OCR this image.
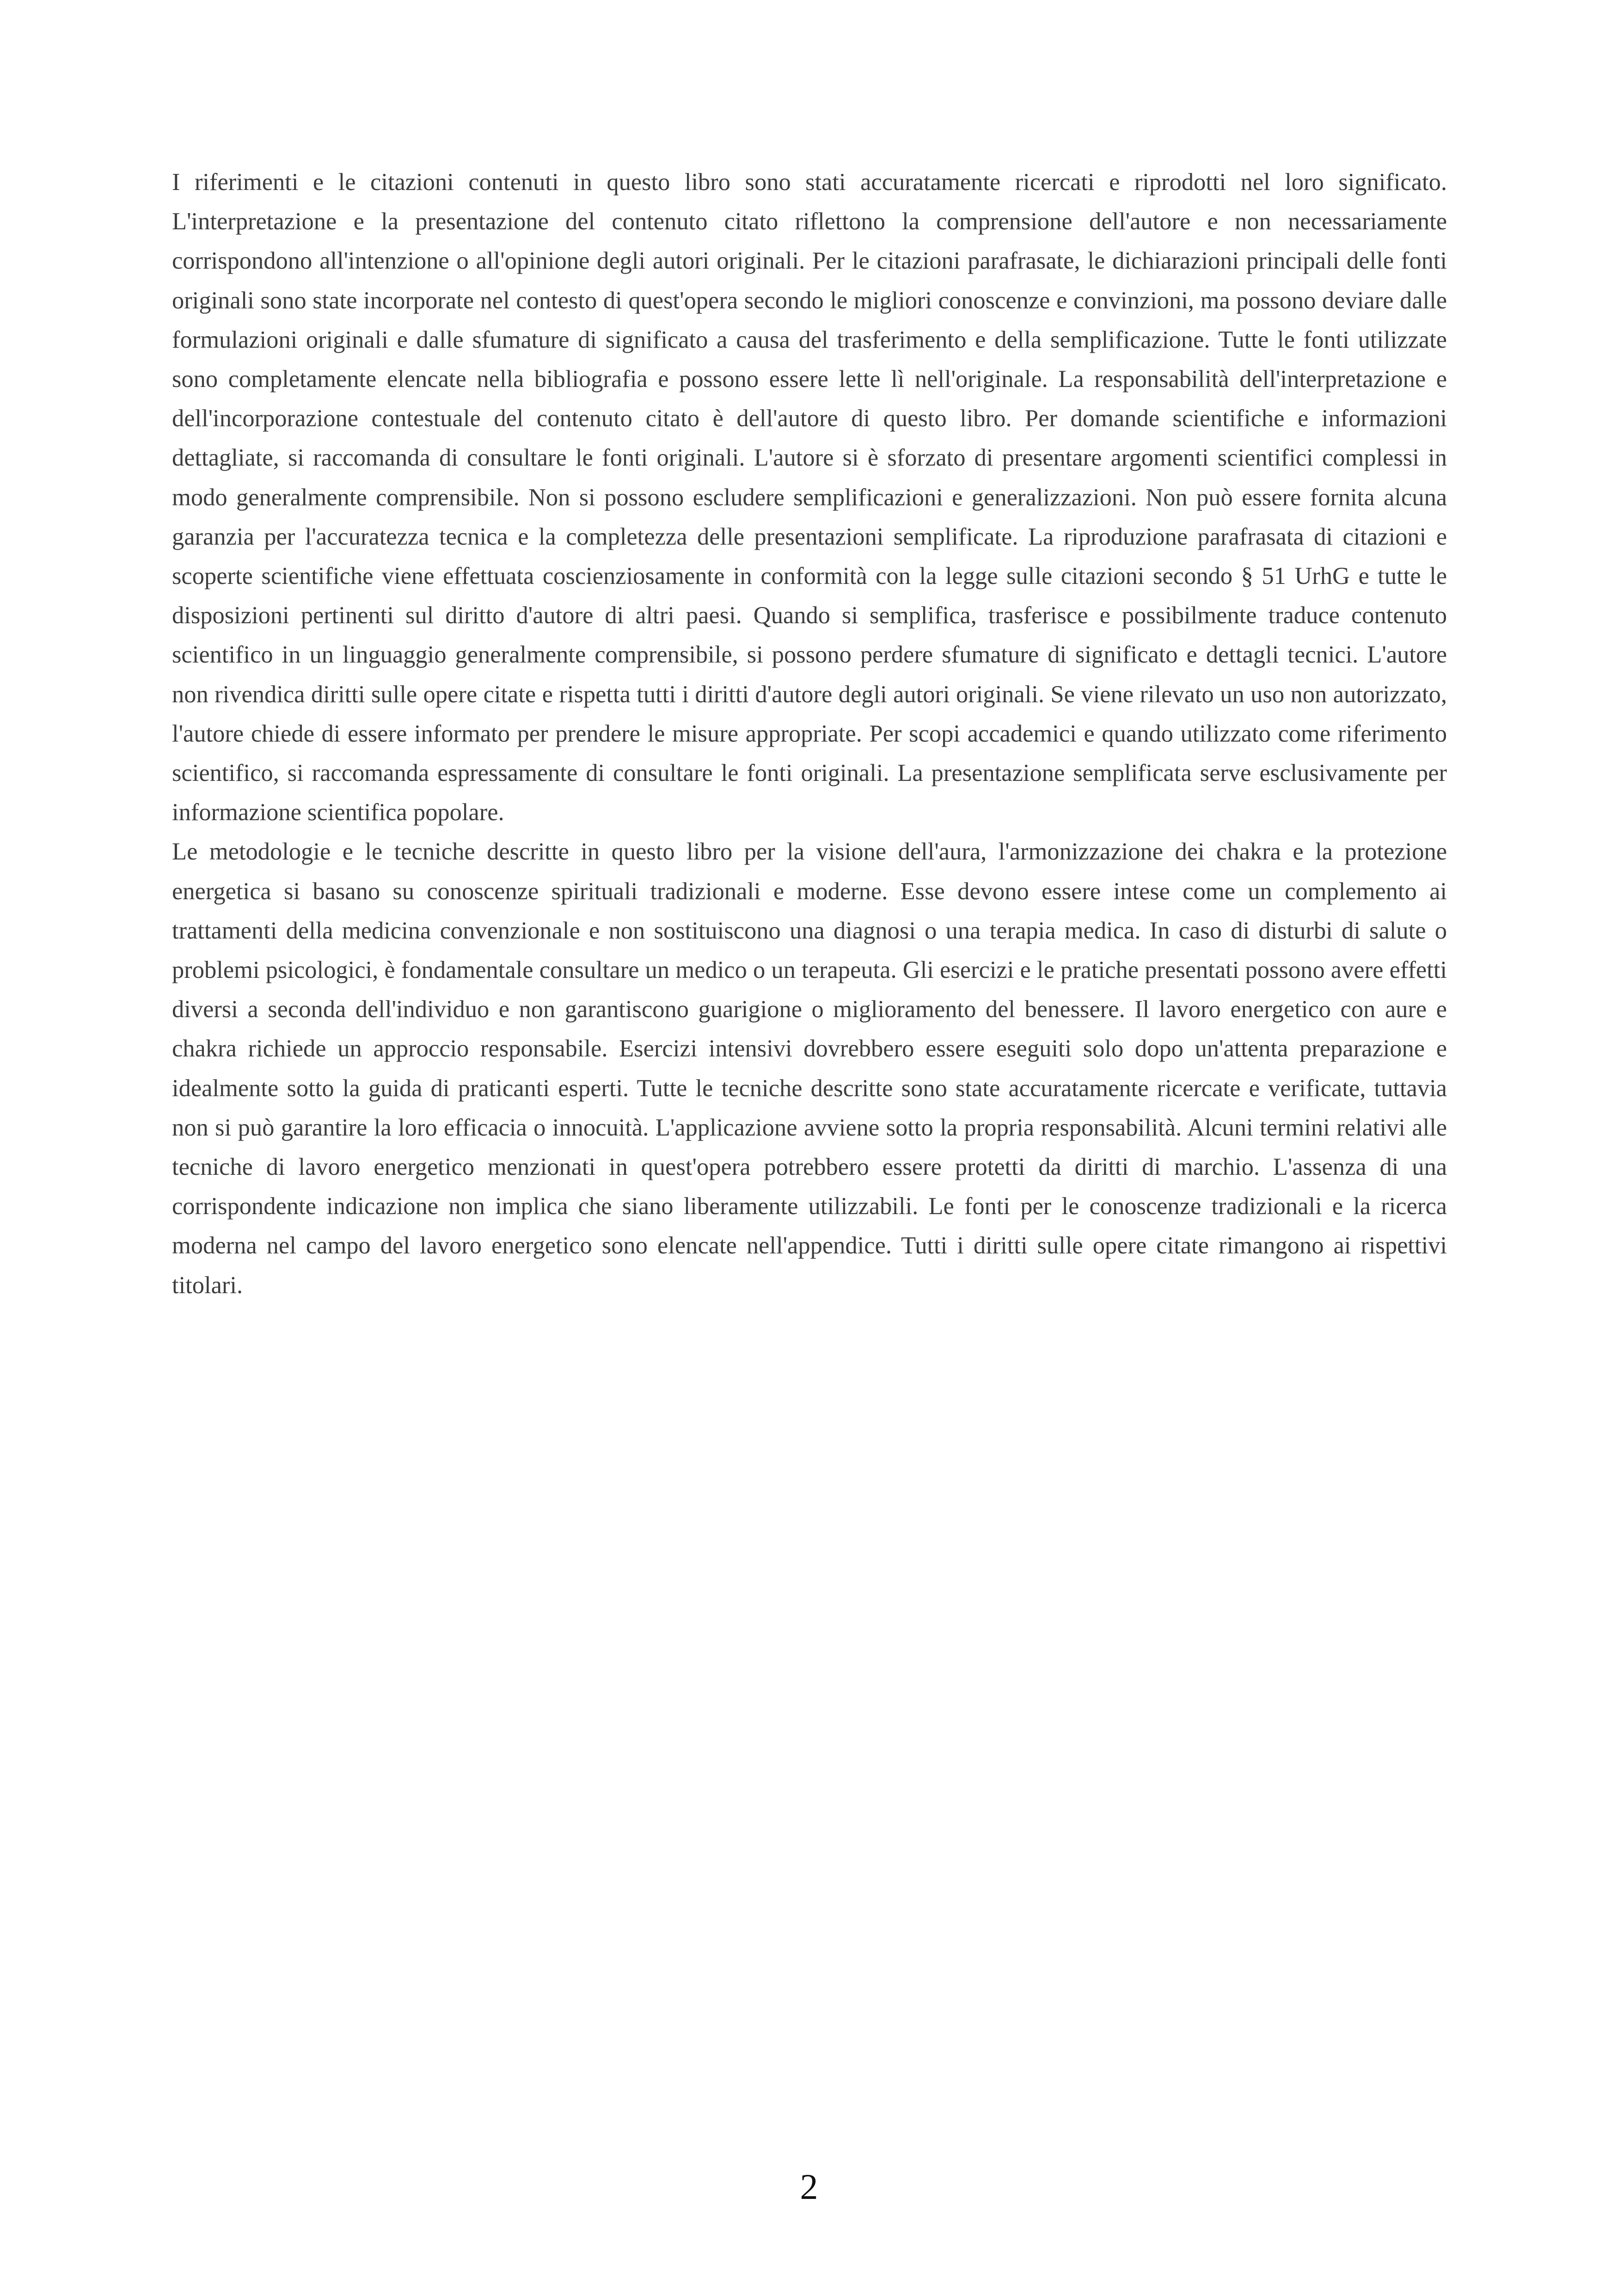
I riferimenti e le citazioni contenuti in questo libro sono stati accuratamente ricercati e riprodotti nel loro significato. L'interpretazione e la presentazione del contenuto citato riflettono la comprensione dell'autore e non necessariamente corrispondono all'intenzione o all'opinione degli autori originali. Per le citazioni parafrasate, le dichiarazioni principali delle fonti originali sono state incorporate nel contesto di quest'opera secondo le migliori conoscenze e convinzioni, ma possono deviare dalle formulazioni originali e dalle sfumature di significato a causa del trasferimento e della semplificazione. Tutte le fonti utilizzate sono completamente elencate nella bibliografia e possono essere lette lì nell'originale. La responsabilità dell'interpretazione e dell'incorporazione contestuale del contenuto citato è dell'autore di questo libro. Per domande scientifiche e informazioni dettagliate, si raccomanda di consultare le fonti originali. L'autore si è sforzato di presentare argomenti scientifici complessi in modo generalmente comprensibile. Non si possono escludere semplificazioni e generalizzazioni. Non può essere fornita alcuna garanzia per l'accuratezza tecnica e la completezza delle presentazioni semplificate. La riproduzione parafrasata di citazioni e scoperte scientifiche viene effettuata coscienziosamente in conformità con la legge sulle citazioni secondo § 51 UrhG e tutte le disposizioni pertinenti sul diritto d'autore di altri paesi. Quando si semplifica, trasferisce e possibilmente traduce contenuto scientifico in un linguaggio generalmente comprensibile, si possono perdere sfumature di significato e dettagli tecnici. L'autore non rivendica diritti sulle opere citate e rispetta tutti i diritti d'autore degli autori originali. Se viene rilevato un uso non autorizzato, l'autore chiede di essere informato per prendere le misure appropriate. Per scopi accademici e quando utilizzato come riferimento scientifico, si raccomanda espressamente di consultare le fonti originali. La presentazione semplificata serve esclusivamente per informazione scientifica popolare.

Le metodologie e le tecniche descritte in questo libro per la visione dell'aura, l'armonizzazione dei chakra e la protezione energetica si basano su conoscenze spirituali tradizionali e moderne. Esse devono essere intese come un complemento ai trattamenti della medicina convenzionale e non sostituiscono una diagnosi o una terapia medica. In caso di disturbi di salute o problemi psicologici, è fondamentale consultare un medico o un terapeuta. Gli esercizi e le pratiche presentati possono avere effetti diversi a seconda dell'individuo e non garantiscono guarigione o miglioramento del benessere. Il lavoro energetico con aure e chakra richiede un approccio responsabile. Esercizi intensivi dovrebbero essere eseguiti solo dopo un'attenta preparazione e idealmente sotto la guida di praticanti esperti. Tutte le tecniche descritte sono state accuratamente ricercate e verificate, tuttavia non si può garantire la loro efficacia o innocuità. L'applicazione avviene sotto la propria responsabilità. Alcuni termini relativi alle tecniche di lavoro energetico menzionati in quest'opera potrebbero essere protetti da diritti di marchio. L'assenza di una corrispondente indicazione non implica che siano liberamente utilizzabili. Le fonti per le conoscenze tradizionali e la ricerca moderna nel campo del lavoro energetico sono elencate nell'appendice. Tutti i diritti sulle opere citate rimangono ai rispettivi titolari.

2
